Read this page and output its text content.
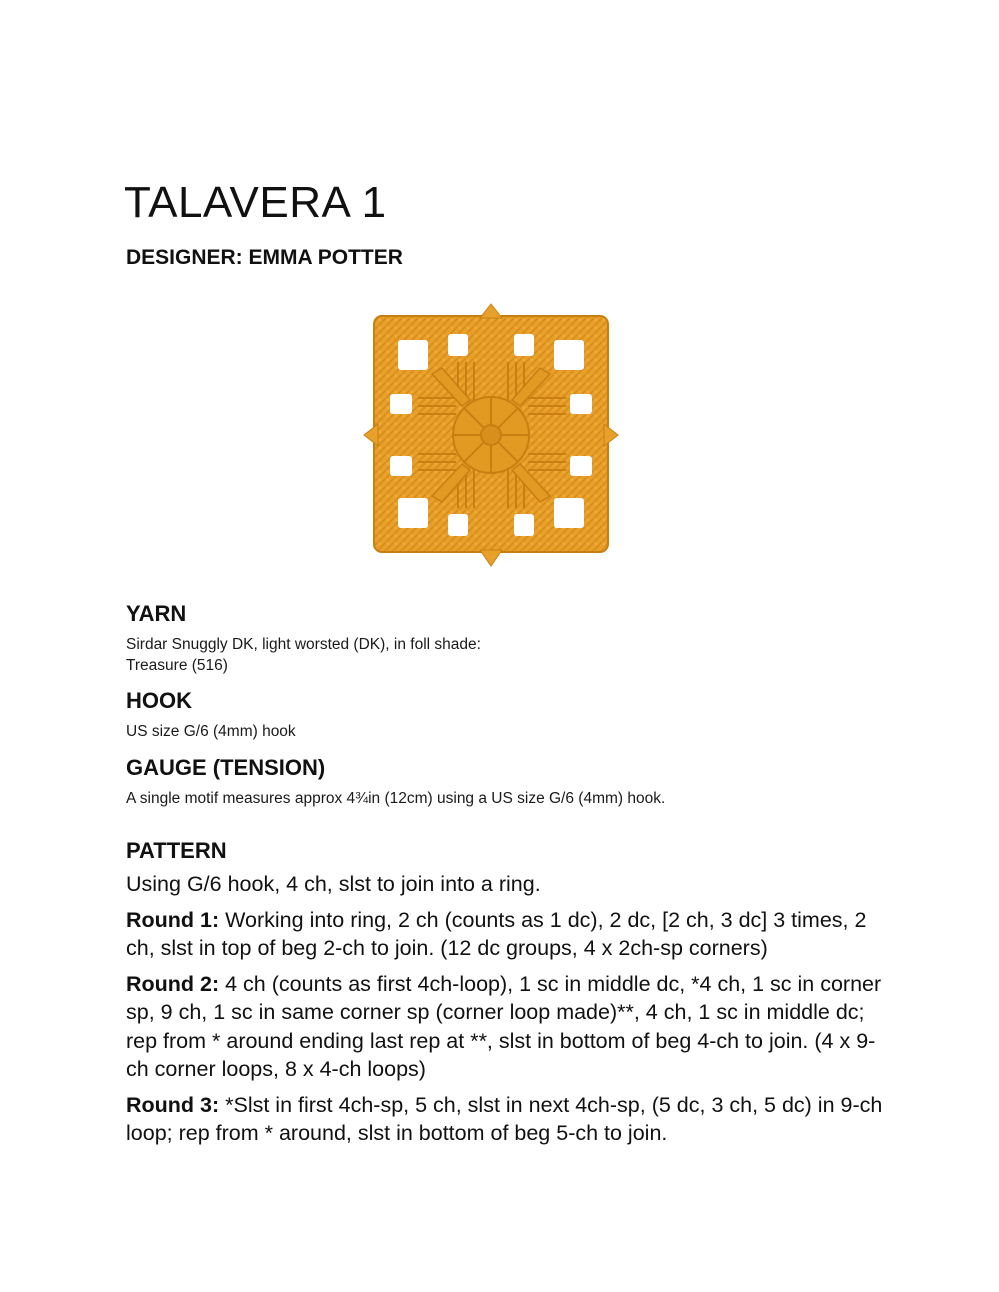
TALAVERA 1
DESIGNER: EMMA POTTER
YARN

Sirdar Snuggly DK, light worsted (DK), in foll shade:

Treasure (516)

HOOK

US size G/6 (4mm) hook

GAUGE (TENSION)

A single motif measures approx 4¾in (12cm) using a US size G/6 (4mm) hook.

PATTERN

Using G/6 hook, 4 ch, slst to join into a ring.

Round 1: Working into ring, 2 ch (counts as 1 dc), 2 dc, [2 ch, 3 dc] 3 times, 2 ch, slst in top of beg 2-ch to join. (12 dc groups, 4 x 2ch-sp corners)

Round 2: 4 ch (counts as first 4ch-loop), 1 sc in middle dc, *4 ch, 1 sc in corner sp, 9 ch, 1 sc in same corner sp (corner loop made)**, 4 ch, 1 sc in middle dc; rep from * around ending last rep at **, slst in bottom of beg 4-ch to join. (4 x 9-ch corner loops, 8 x 4-ch loops)

Round 3: *Slst in first 4ch-sp, 5 ch, slst in next 4ch-sp, (5 dc, 3 ch, 5 dc) in 9-ch loop; rep from * around, slst in bottom of beg 5-ch to join.
